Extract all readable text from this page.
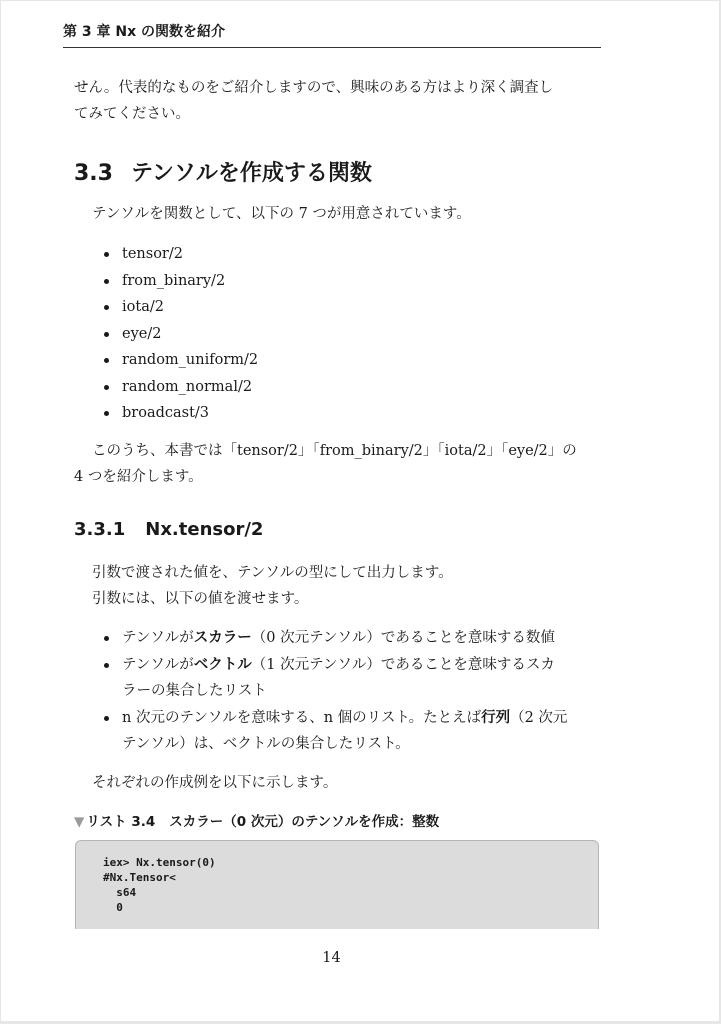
第 3 章 Nx の関数を紹介
せん。代表的なものをご紹介しますので、興味のある方はより深く調査し
てみてください。
3.3 テンソルを作成する関数
テンソルを関数として、以下の 7 つが用意されています。
tensor/2
from_binary/2
iota/2
eye/2
random_uniform/2
random_normal/2
broadcast/3
このうち、本書では「tensor/2」「from_binary/2」「iota/2」「eye/2」の
4 つを紹介します。
3.3.1 Nx.tensor/2
引数で渡された値を、テンソルの型にして出力します。
引数には、以下の値を渡せます。
テンソルがスカラー（0 次元テンソル）であることを意味する数値
テンソルがベクトル（1 次元テンソル）であることを意味するスカ
ラーの集合したリスト
n 次元のテンソルを意味する、n 個のリスト。たとえば行列（2 次元
テンソル）は、ベクトルの集合したリスト。
それぞれの作成例を以下に示します。
▼ リスト 3.4 スカラー（0 次元）のテンソルを作成：整数
iex> Nx.tensor(0)
#Nx.Tensor<
s64
0
14
